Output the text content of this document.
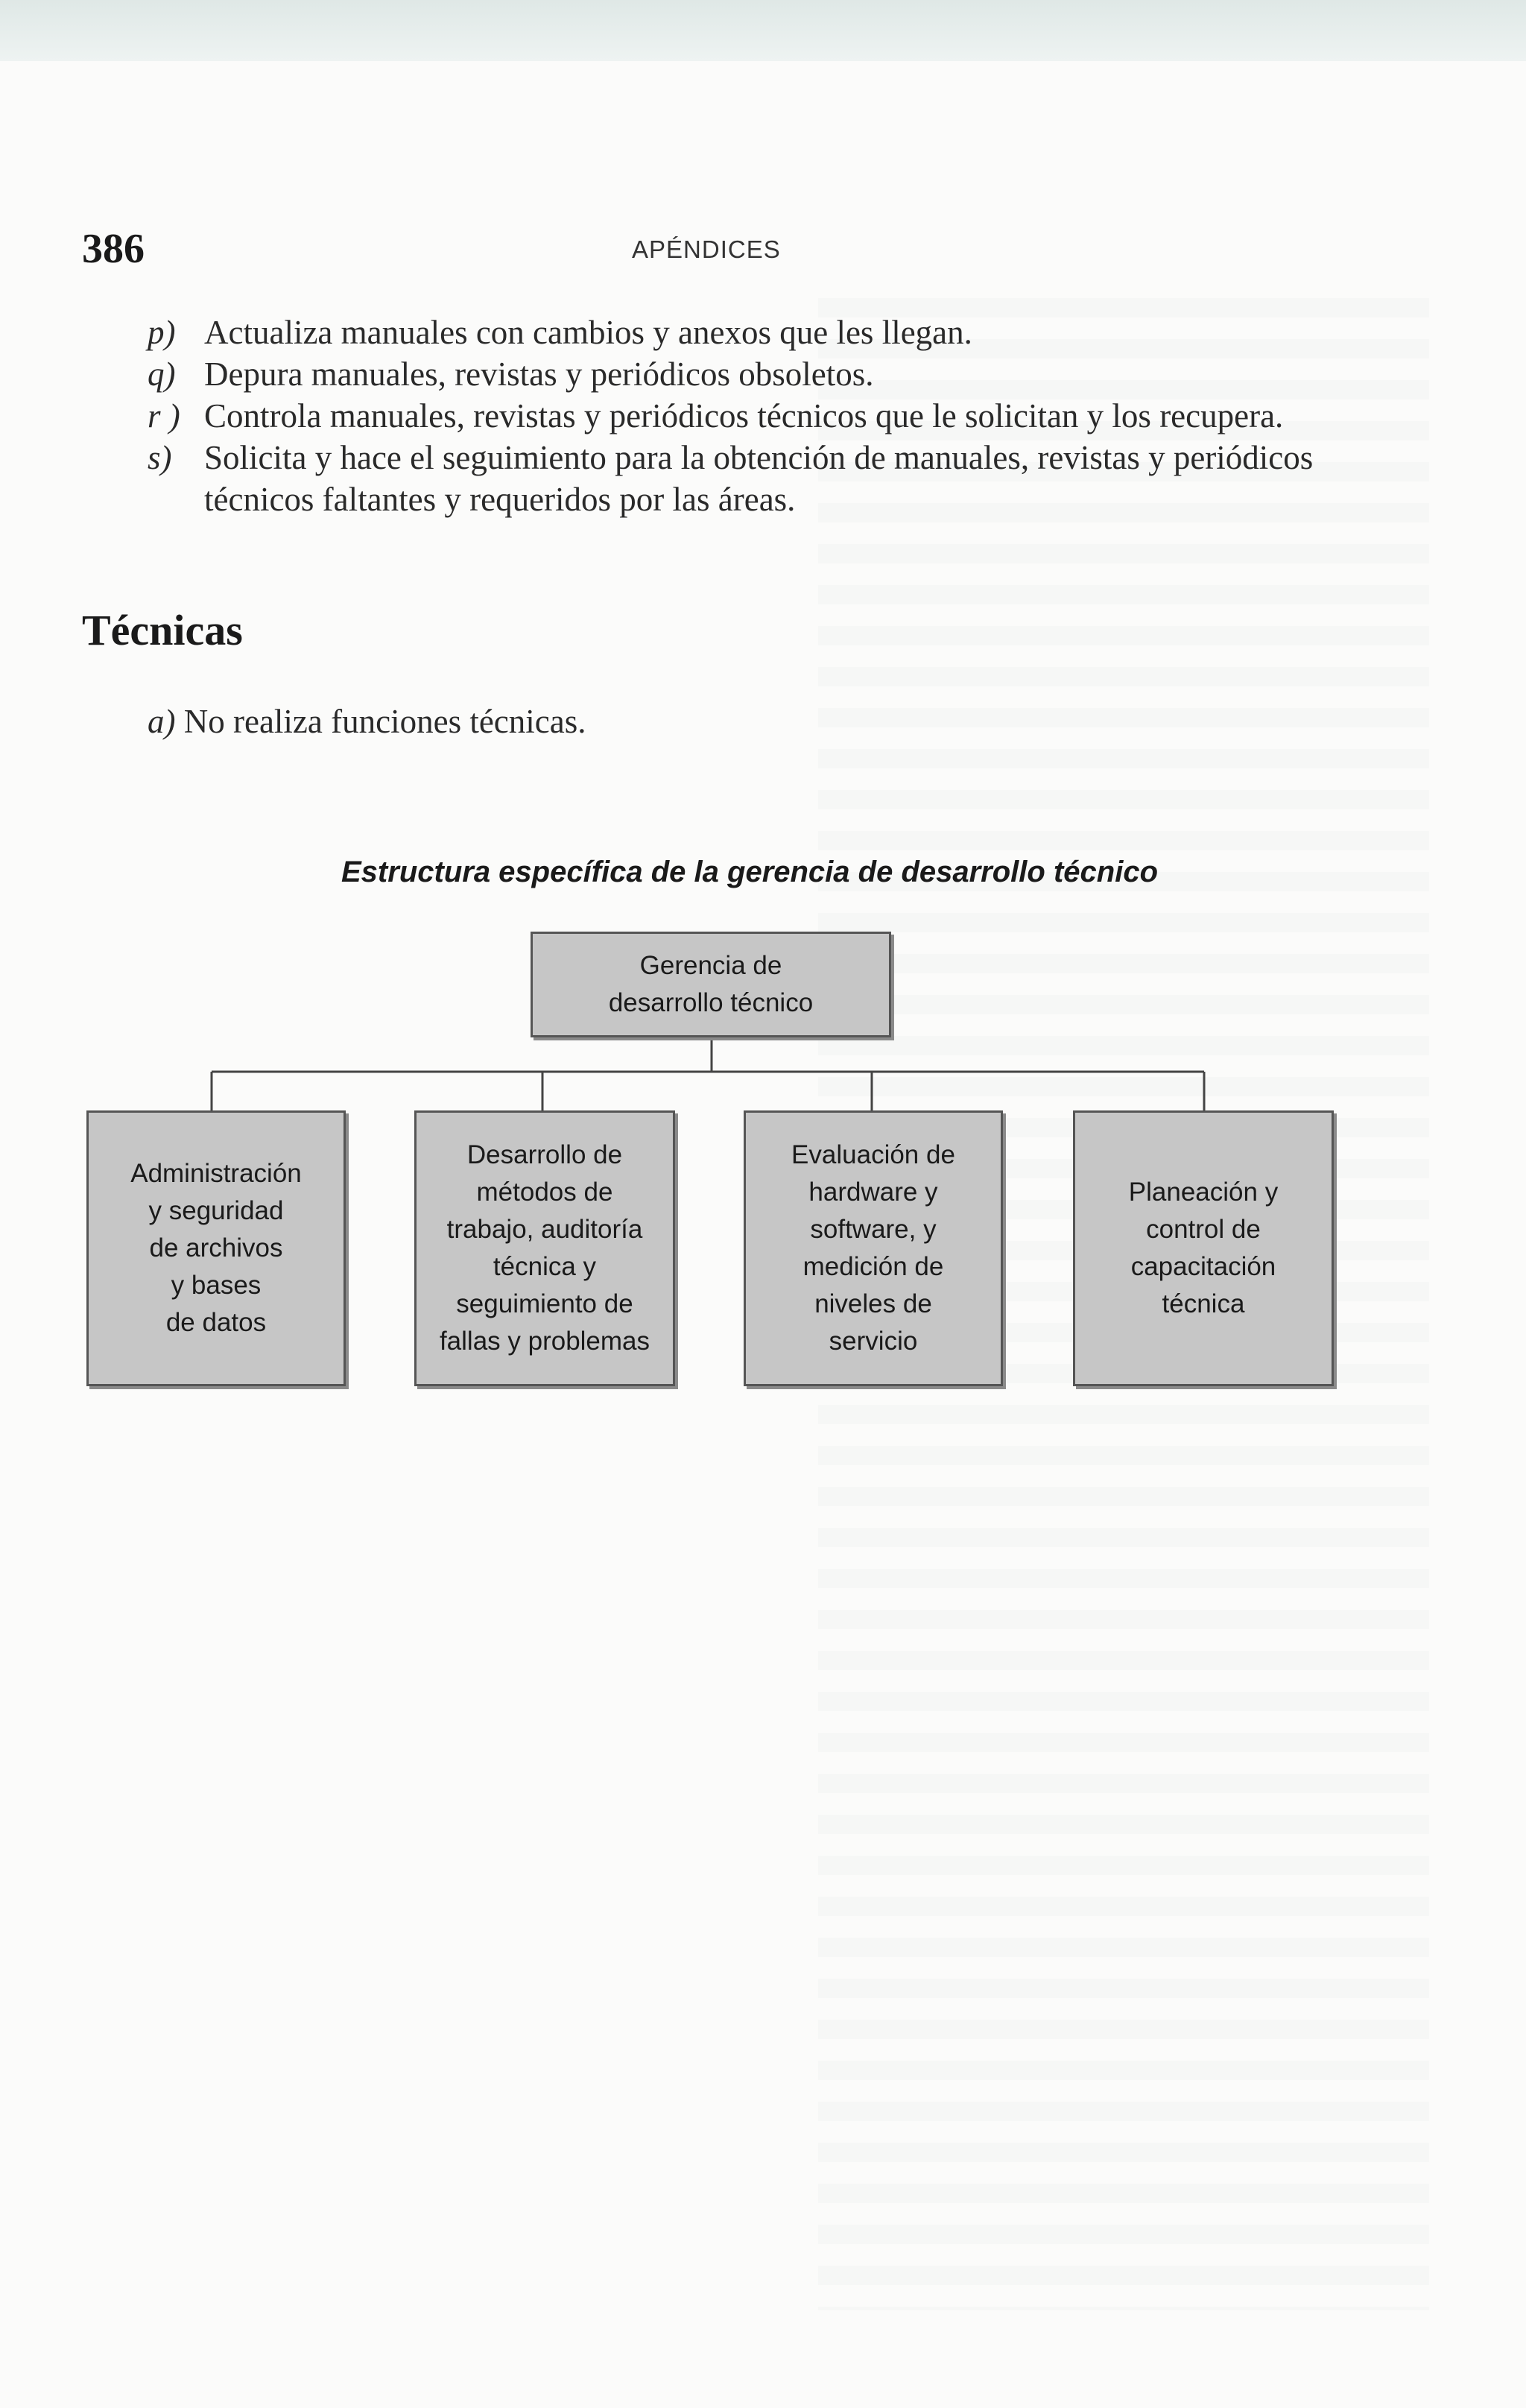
386	APÉNDICES
p) Actualiza manuales con cambios y anexos que les llegan.
q) Depura manuales, revistas y periódicos obsoletos.
r ) Controla manuales, revistas y periódicos técnicos que le solicitan y los recupera.
s) Solicita y hace el seguimiento para la obtención de manuales, revistas y periódicos técnicos faltantes y requeridos por las áreas.
Técnicas
a) No realiza funciones técnicas.
Estructura específica de la gerencia de desarrollo técnico
Gerencia de
desarrollo técnico
Administración
y seguridad
de archivos
y bases
de datos
Desarrollo de
métodos de
trabajo, auditoría
técnica y
seguimiento de
fallas y problemas
Evaluación de
hardware y
software, y
medición de
niveles de
servicio
Planeación y
control de
capacitación
técnica
